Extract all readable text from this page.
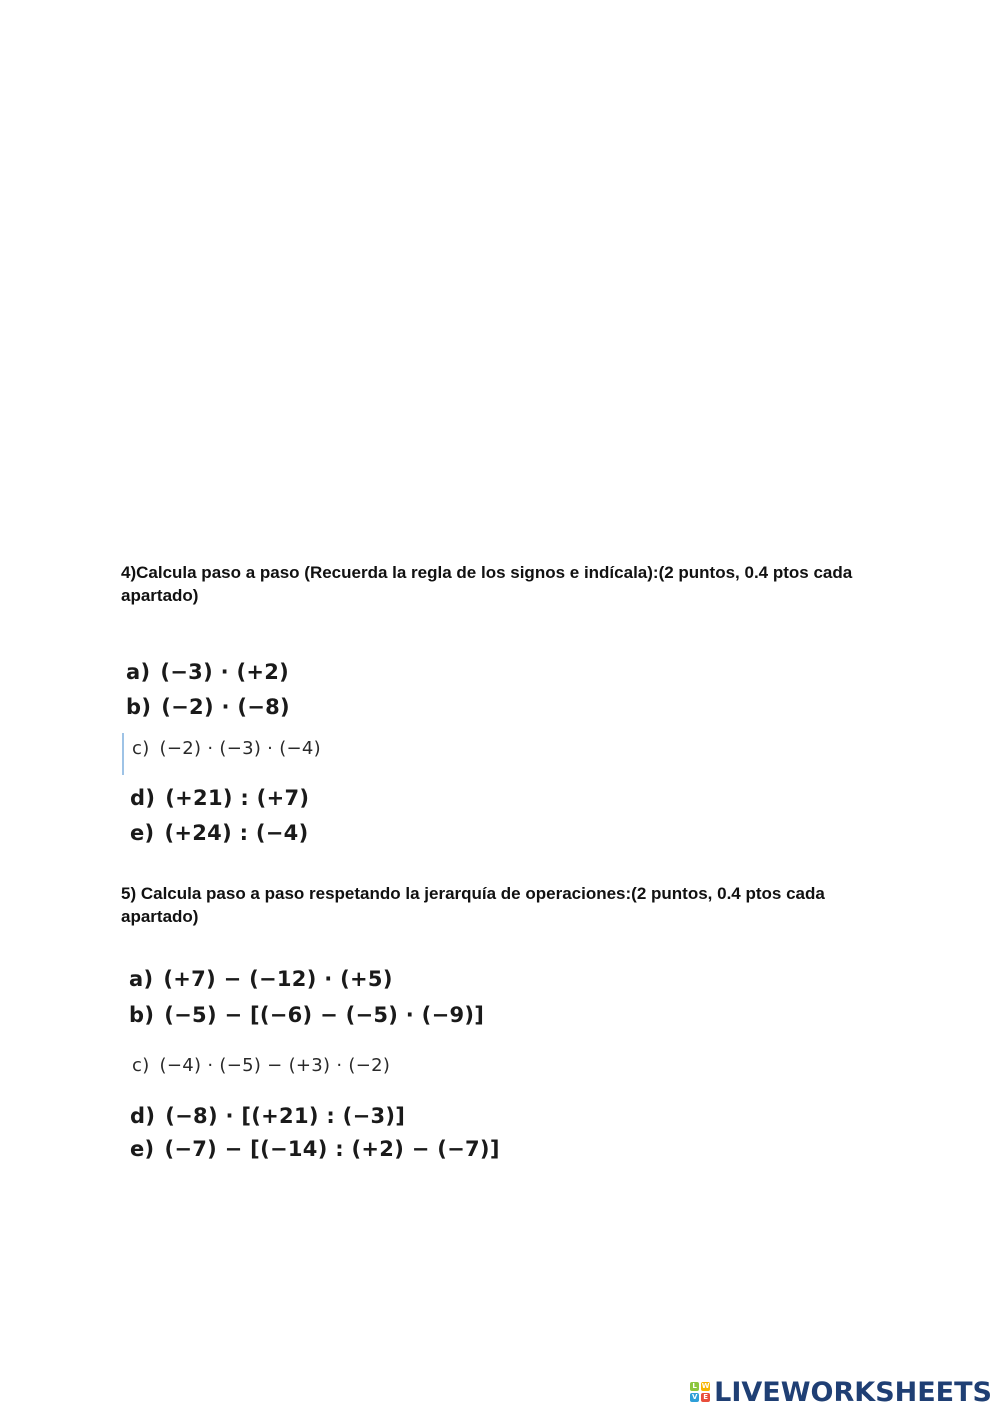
4)Calcula paso a paso (Recuerda la regla de los signos e indícala):(2 puntos, 0.4 ptos cada apartado)
a) (−3) · (+2)
b) (−2) · (−8)
c) (−2) · (−3) · (−4)
d) (+21) : (+7)
e) (+24) : (−4)
5) Calcula paso a paso respetando la jerarquía de operaciones:(2 puntos, 0.4 ptos cada apartado)
a) (+7) − (−12) · (+5)
b) (−5) − [(−6) − (−5) · (−9)]
c) (−4) · (−5) − (+3) · (−2)
d) (−8) · [(+21) : (−3)]
e) (−7) − [(−14) : (+2) − (−7)]
L W
V E LIVEWORKSHEETS
